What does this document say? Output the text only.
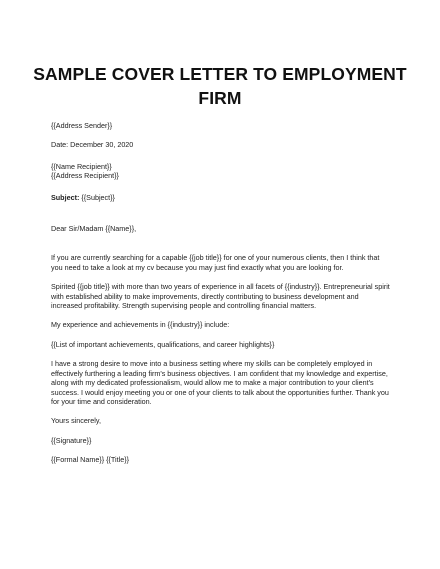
SAMPLE COVER LETTER TO EMPLOYMENT FIRM

{{Address Sender}}

Date: December 30, 2020

{{Name Recipient}}

{{Address Recipient}}

Subject: {{Subject}}

Dear Sir/Madam {{Name}},

If you are currently searching for a capable {{job title}} for one of your numerous clients, then I think that you need to take a look at my cv because you may just find exactly what you are looking for.

Spirited {{job title}} with more than two years of experience in all facets of {{industry}}. Entrepreneurial spirit with established ability to make improvements, directly contributing to business development and increased profitability. Strength supervising people and controlling financial matters.

My experience and achievements in {{industry}} include:

{{List of important achievements, qualifications, and career highlights}}

I have a strong desire to move into a business setting where my skills can be completely employed in effectively furthering a leading firm's business objectives. I am confident that my knowledge and expertise, along with my dedicated professionalism, would allow me to make a major contribution to your client's success. I would enjoy meeting you or one of your clients to talk about the opportunities further. Thank you for your time and consideration.

Yours sincerely,

{{Signature}}

{{Formal Name}} {{Title}}
